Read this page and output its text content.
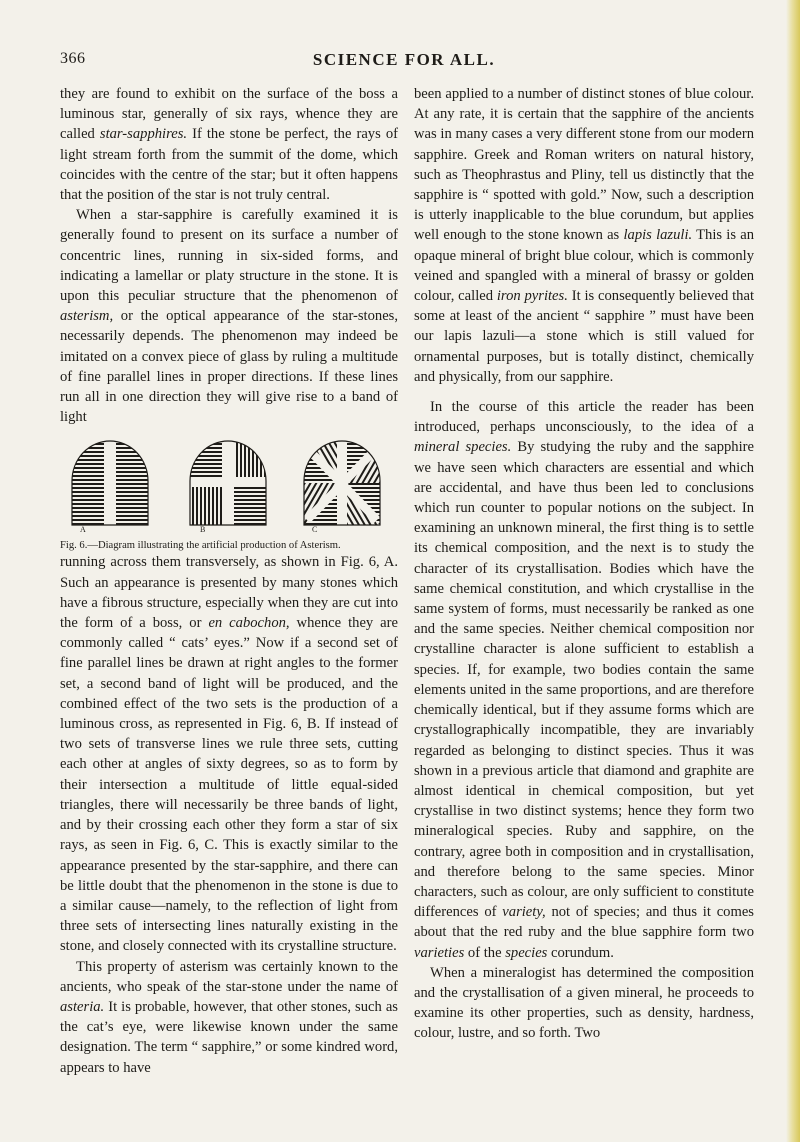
SCIENCE FOR ALL.
366

they are found to exhibit on the surface of the boss a luminous star, generally of six rays, whence they are called star-sapphires. If the stone be perfect, the rays of light stream forth from the summit of the dome, which coincides with the centre of the star; but it often happens that the position of the star is not truly central.

When a star-sapphire is carefully examined it is generally found to present on its surface a number of concentric lines, running in six-sided forms, and indicating a lamellar or platy structure in the stone. It is upon this peculiar structure that the phenomenon of asterism, or the optical appearance of the star-stones, necessarily depends. The phenomenon may indeed be imitated on a convex piece of glass by ruling a multitude of fine parallel lines in proper directions. If these lines run all in one direction they will give rise to a band of light

A	B	C

Fig. 6.—Diagram illustrating the artificial production of Asterism.

running across them transversely, as shown in Fig. 6, A. Such an appearance is presented by many stones which have a fibrous structure, especially when they are cut into the form of a boss, or en cabochon, whence they are commonly called “ cats’ eyes.” Now if a second set of fine parallel lines be drawn at right angles to the former set, a second band of light will be produced, and the combined effect of the two sets is the production of a luminous cross, as represented in Fig. 6, B. If instead of two sets of transverse lines we rule three sets, cutting each other at angles of sixty degrees, so as to form by their intersection a multitude of little equal-sided triangles, there will necessarily be three bands of light, and by their crossing each other they form a star of six rays, as seen in Fig. 6, C. This is exactly similar to the appearance presented by the star-sapphire, and there can be little doubt that the phenomenon in the stone is due to a similar cause—namely, to the reflection of light from three sets of intersecting lines naturally existing in the stone, and closely connected with its crystalline structure.

This property of asterism was certainly known to the ancients, who speak of the star-stone under the name of asteria. It is probable, however, that other stones, such as the cat’s eye, were likewise known under the same designation. The term “ sapphire,” or some kindred word, appears to have

been applied to a number of distinct stones of blue colour. At any rate, it is certain that the sapphire of the ancients was in many cases a very different stone from our modern sapphire. Greek and Roman writers on natural history, such as Theophrastus and Pliny, tell us distinctly that the sapphire is “ spotted with gold.” Now, such a description is utterly inapplicable to the blue corundum, but applies well enough to the stone known as lapis lazuli. This is an opaque mineral of bright blue colour, which is commonly veined and spangled with a mineral of brassy or golden colour, called iron pyrites. It is consequently believed that some at least of the ancient “ sapphire ” must have been our lapis lazuli—a stone which is still valued for ornamental purposes, but is totally distinct, chemically and physically, from our sapphire.

In the course of this article the reader has been introduced, perhaps unconsciously, to the idea of a mineral species. By studying the ruby and the sapphire we have seen which characters are essential and which are accidental, and have thus been led to conclusions which run counter to popular notions on the subject. In examining an unknown mineral, the first thing is to settle its chemical composition, and the next is to study the character of its crystallisation. Bodies which have the same chemical constitution, and which crystallise in the same system of forms, must necessarily be ranked as one and the same species. Neither chemical composition nor crystalline character is alone sufficient to establish a species. If, for example, two bodies contain the same elements united in the same proportions, and are therefore chemically identical, but if they assume forms which are crystallographically incompatible, they are invariably regarded as belonging to distinct species. Thus it was shown in a previous article that diamond and graphite are almost identical in chemical composition, but yet crystallise in two distinct systems; hence they form two mineralogical species. Ruby and sapphire, on the contrary, agree both in composition and in crystallisation, and therefore belong to the same species. Minor characters, such as colour, are only sufficient to constitute differences of variety, not of species; and thus it comes about that the red ruby and the blue sapphire form two varieties of the species corundum.

When a mineralogist has determined the composition and the crystallisation of a given mineral, he proceeds to examine its other properties, such as density, hardness, colour, lustre, and so forth. Two
